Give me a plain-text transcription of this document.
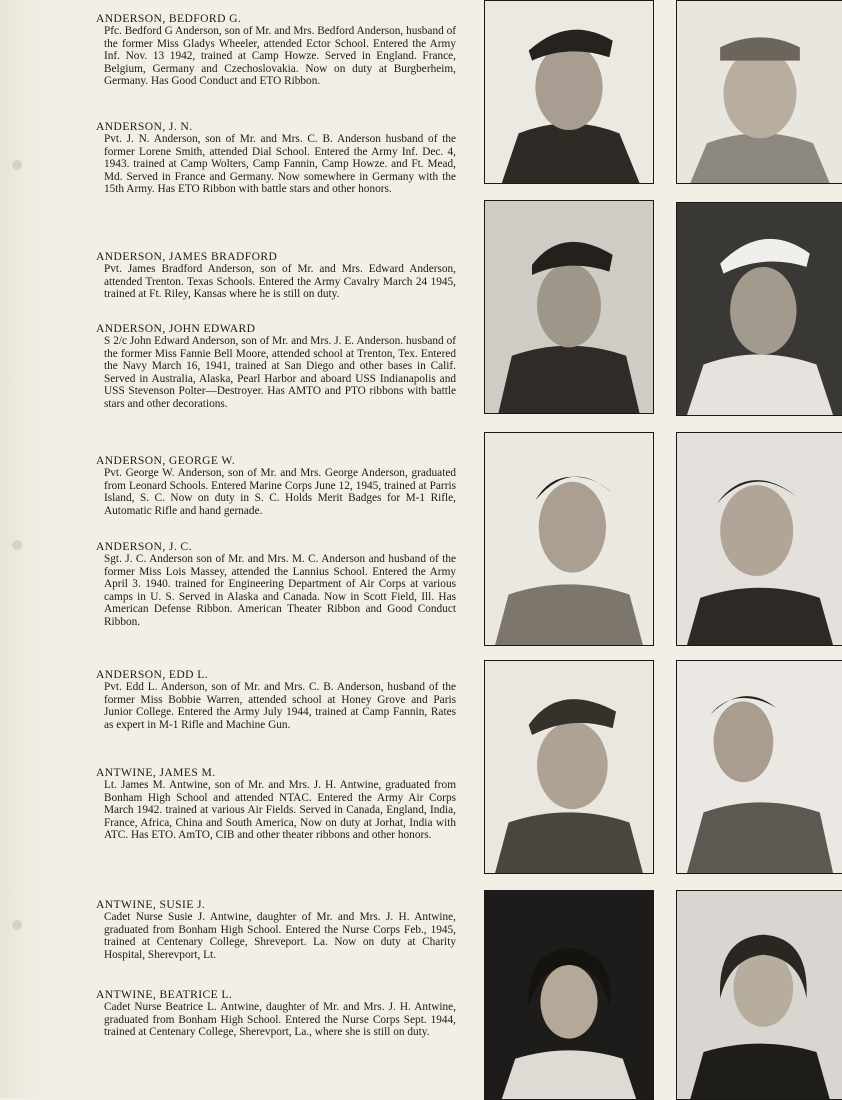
ANDERSON, BEDFORD G.

Pfc. Bedford G Anderson, son of Mr. and Mrs. Bedford Anderson, husband of the former Miss Gladys Wheeler, attended Ector School. Entered the Army Inf. Nov. 13 1942, trained at Camp Howze. Served in England. France, Belgium, Germany and Czechoslovakia. Now on duty at Burgberheim, Germany. Has Good Conduct and ETO Ribbon.

ANDERSON, J. N.

Pvt. J. N. Anderson, son of Mr. and Mrs. C. B. Anderson husband of the former Lorene Smith, attended Dial School. Entered the Army Inf. Dec. 4, 1943. trained at Camp Wolters, Camp Fannin, Camp Howze. and Ft. Mead, Md. Served in France and Germany. Now somewhere in Germany with the 15th Army. Has ETO Ribbon with battle stars and other honors.

ANDERSON, JAMES BRADFORD

Pvt. James Bradford Anderson, son of Mr. and Mrs. Edward Anderson, attended Trenton. Texas Schools. Entered the Army Cavalry March 24 1945, trained at Ft. Riley, Kansas where he is still on duty.

ANDERSON, JOHN EDWARD

S 2/c John Edward Anderson, son of Mr. and Mrs. J. E. Anderson. husband of the former Miss Fannie Bell Moore, attended school at Trenton, Tex. Entered the Navy March 16, 1941, trained at San Diego and other bases in Calif. Served in Australia, Alaska, Pearl Harbor and aboard USS Indianapolis and USS Stevenson Polter—Destroyer. Has AMTO and PTO ribbons with battle stars and other decorations.

ANDERSON, GEORGE W.

Pvt. George W. Anderson, son of Mr. and Mrs. George Anderson, graduated from Leonard Schools. Entered Marine Corps June 12, 1945, trained at Parris Island, S. C. Now on duty in S. C. Holds Merit Badges for M-1 Rifle, Automatic Rifle and hand gernade.

ANDERSON, J. C.

Sgt. J. C. Anderson son of Mr. and Mrs. M. C. Anderson and husband of the former Miss Lois Massey, attended the Lannius School. Entered the Army April 3. 1940. trained for Engineering Department of Air Corps at various camps in U. S. Served in Alaska and Canada. Now in Scott Field, Ill. Has American Defense Ribbon. American Theater Ribbon and Good Conduct Ribbon.

ANDERSON, EDD L.

Pvt. Edd L. Anderson, son of Mr. and Mrs. C. B. Anderson, husband of the former Miss Bobbie Warren, attended school at Honey Grove and Paris Junior College. Entered the Army July 1944, trained at Camp Fannin, Rates as expert in M-1 Rifle and Machine Gun.

ANTWINE, JAMES M.

Lt. James M. Antwine, son of Mr. and Mrs. J. H. Antwine, graduated from Bonham High School and attended NTAC. Entered the Army Air Corps March 1942. trained at various Air Fields. Served in Canada, England, India, France, Africa, China and South America, Now on duty at Jorhat, India with ATC. Has ETO. AmTO, CIB and other theater ribbons and other honors.

ANTWINE, SUSIE J.

Cadet Nurse Susie J. Antwine, daughter of Mr. and Mrs. J. H. Antwine, graduated from Bonham High School. Entered the Nurse Corps Feb., 1945, trained at Centenary College, Shreveport. La. Now on duty at Charity Hospital, Sherevport, Lt.

ANTWINE, BEATRICE L.

Cadet Nurse Beatrice L. Antwine, daughter of Mr. and Mrs. J. H. Antwine, graduated from Bonham High School. Entered the Nurse Corps Sept. 1944, trained at Centenary College, Sherevport, La., where she is still on duty.
